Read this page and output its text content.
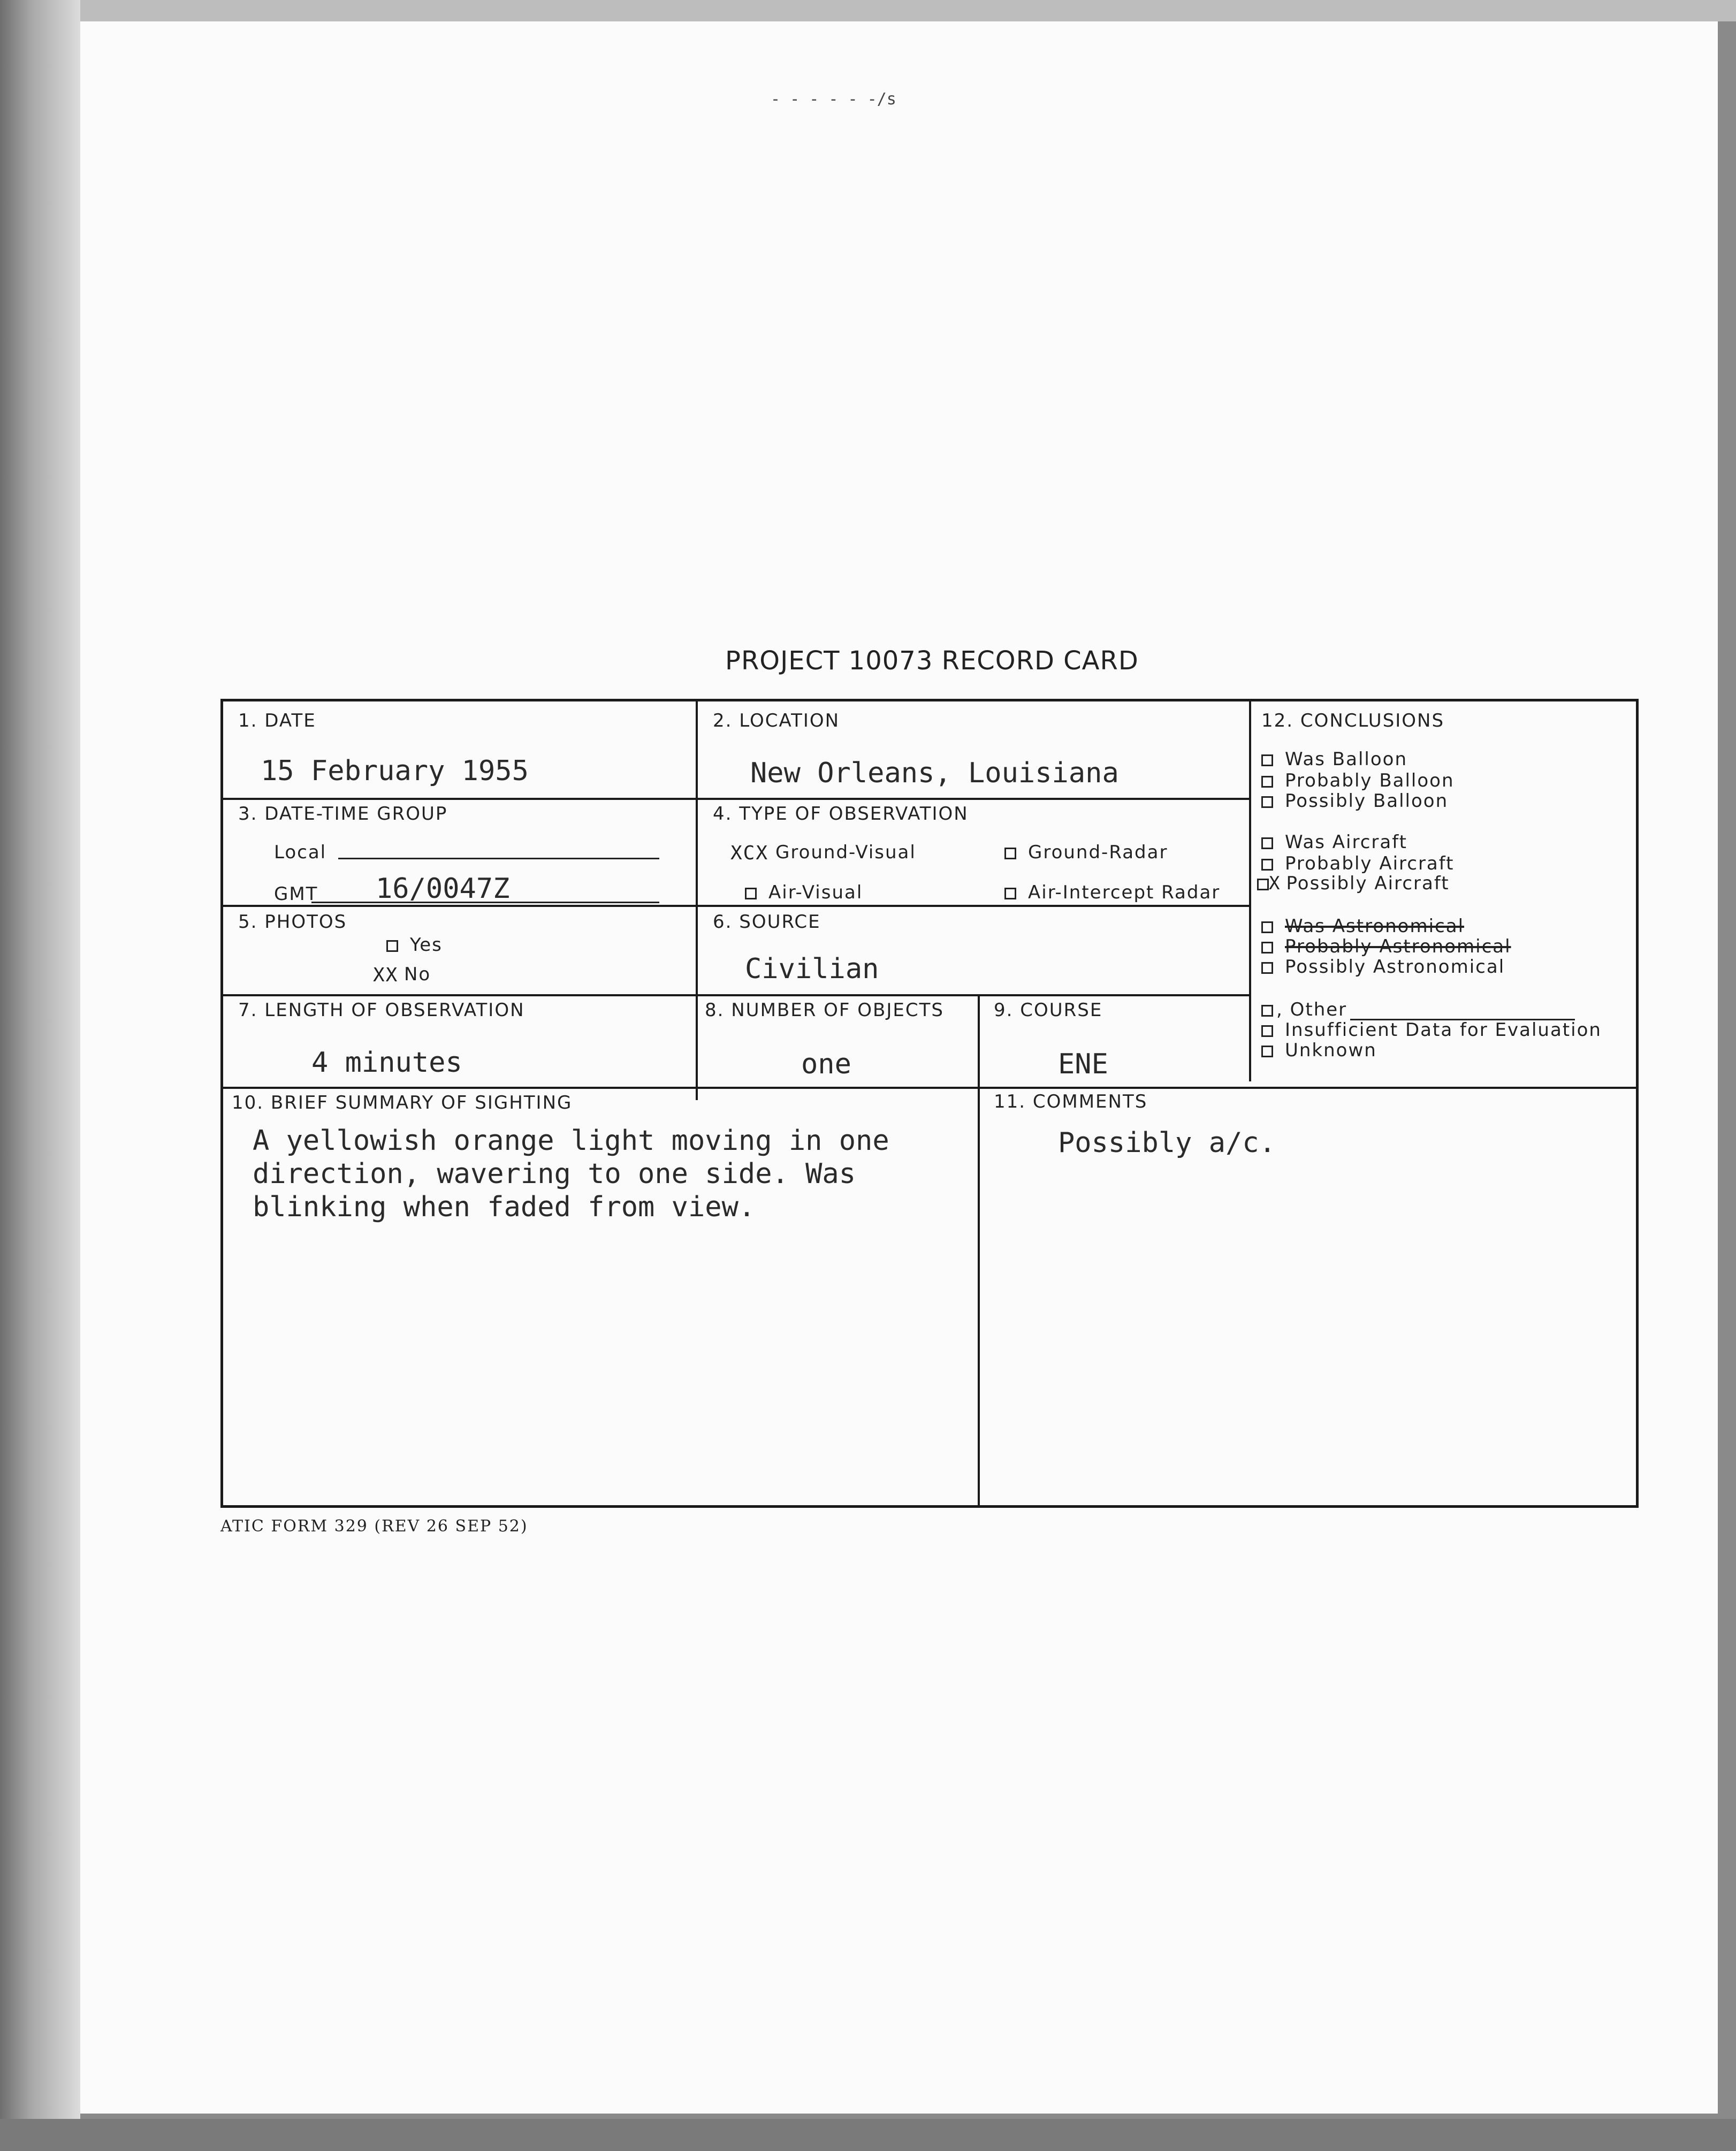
- - - - - -/s
PROJECT 10073 RECORD CARD
1. DATE
15 February 1955
2. LOCATION
New Orleans, Louisiana
3. DATE-TIME GROUP
Local
GMT 16/0047Z
4. TYPE OF OBSERVATION
XCX Ground-Visual	Ground-Radar
Air-Visual	Air-Intercept Radar
5. PHOTOS
Yes
XX No
6. SOURCE
Civilian
7. LENGTH OF OBSERVATION
4 minutes
8. NUMBER OF OBJECTS
one
9. COURSE
ENE
10. BRIEF SUMMARY OF SIGHTING
A yellowish orange light moving in one
direction, wavering to one side. Was
blinking when faded from view.
11. COMMENTS
Possibly a/c.
12. CONCLUSIONS
Was Balloon
Probably Balloon
Possibly Balloon
Was Aircraft
Probably Aircraft
X Possibly Aircraft
Was Astronomical
Probably Astronomical
Possibly Astronomical
, Other
Insufficient Data for Evaluation
Unknown
ATIC FORM 329 (REV 26 SEP 52)
